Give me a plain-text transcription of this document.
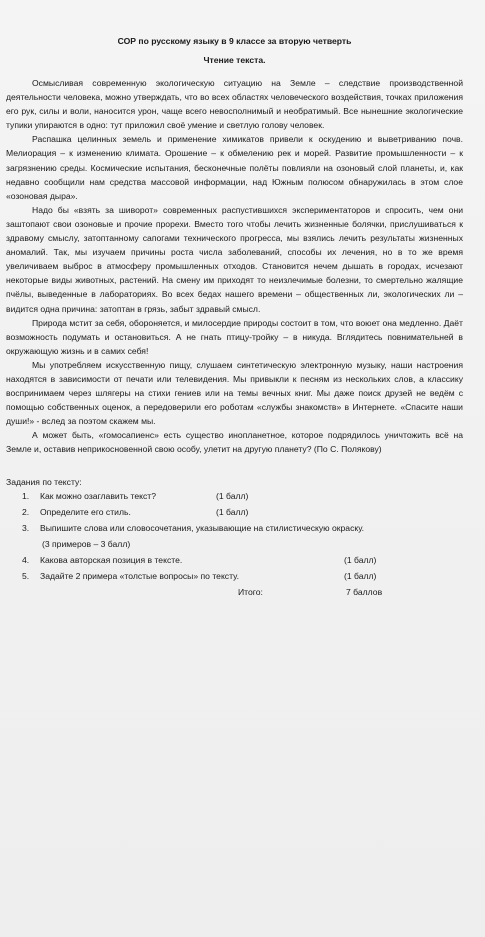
СОР по русскому языку в 9 классе за вторую четверть

Чтение текста.

Осмысливая современную экологическую ситуацию на Земле – следствие производственной деятельности человека, можно утверждать, что во всех областях человеческого воздействия, точках приложения его рук, силы и воли, наносится урон, чаще всего невосполнимый и необратимый. Все нынешние экологические тупики упираются в одно: тут приложил своё умение и светлую голову человек.

Распашка целинных земель и применение химикатов привели к оскудению и выветриванию почв. Мелиорация – к изменению климата. Орошение – к обмелению рек и морей. Развитие промышленности – к загрязнению среды. Космические испытания, бесконечные полёты повлияли на озоновый слой планеты, и, как недавно сообщили нам средства массовой информации, над Южным полюсом обнаружилась в этом слое «озоновая дыра».

Надо бы «взять за шиворот» современных распустившихся экспериментаторов и спросить, чем они заштопают свои озоновые и прочие прорехи. Вместо того чтобы лечить жизненные болячки, прислушиваться к здравому смыслу, затоптанному сапогами технического прогресса, мы взялись лечить результаты жизненных аномалий. Так, мы изучаем причины роста числа заболеваний, способы их лечения, но в то же время увеличиваем выброс в атмосферу промышленных отходов. Становится нечем дышать в городах, исчезают некоторые виды животных, растений. На смену им приходят то неизлечимые болезни, то смертельно жалящие пчёлы, выведенные в лабораториях. Во всех бедах нашего времени – общественных ли, экологических ли – видится одна причина: затоптан в грязь, забыт здравый смысл.

Природа мстит за себя, обороняется, и милосердие природы состоит в том, что воюет она медленно. Даёт возможность подумать и остановиться. А не гнать птицу-тройку – в никуда. Вглядитесь повнимательней в окружающую жизнь и в самих себя!

Мы употребляем искусственную пищу, слушаем синтетическую электронную музыку, наши настроения находятся в зависимости от печати или телевидения. Мы привыкли к песням из нескольких слов, а классику воспринимаем через шлягеры на стихи гениев или на темы вечных книг. Мы даже поиск друзей не ведём с помощью собственных оценок, а передоверили его роботам «службы знакомств» в Интернете. «Спасите наши души!» - вслед за поэтом скажем мы.

А может быть, «гомосапиенс» есть существо инопланетное, которое подрядилось уничтожить всё на Земле и, оставив неприкосновенной свою особу, улетит на другую планету? (По С. Полякову)

Задания по тексту:

1. Как можно озаглавить текст?	(1 балл)
2. Определите его стиль.	(1 балл)
3. Выпишите слова или словосочетания, указывающие на стилистическую окраску.
(3 примеров – 3 балл)
4. Какова авторская позиция в тексте.	(1 балл)
5. Задайте 2 примера «толстые вопросы» по тексту.	(1 балл)
Итого:	7 баллов
